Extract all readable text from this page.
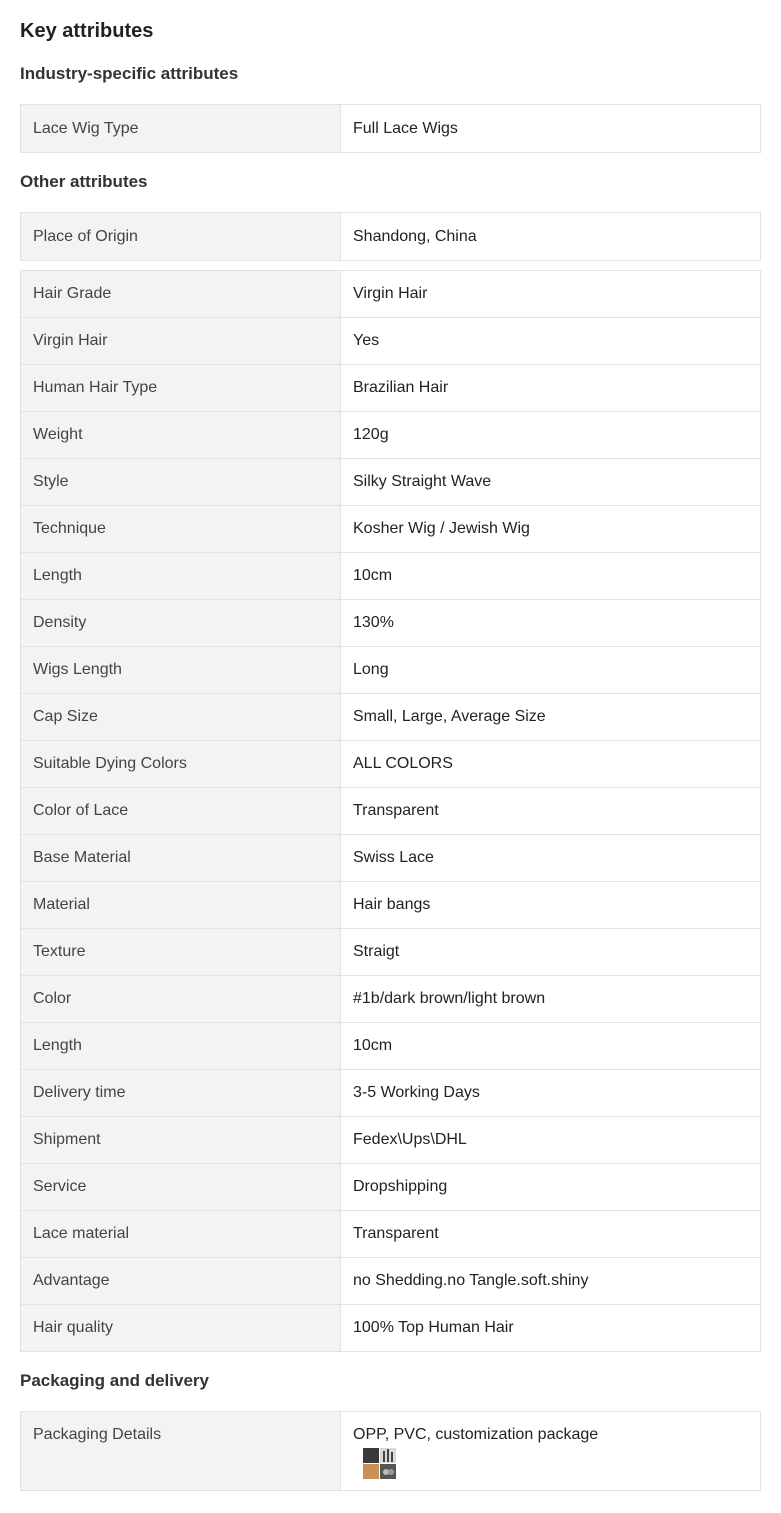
Key attributes
Industry-specific attributes
Lace Wig Type	Full Lace Wigs
Other attributes
Place of Origin	Shandong, China
Hair Grade	Virgin Hair
Virgin Hair	Yes
Human Hair Type	Brazilian Hair
Weight	120g
Style	Silky Straight Wave
Technique	Kosher Wig / Jewish Wig
Length	10cm
Density	130%
Wigs Length	Long
Cap Size	Small, Large, Average Size
Suitable Dying Colors	ALL COLORS
Color of Lace	Transparent
Base Material	Swiss Lace
Material	Hair bangs
Texture	Straigt
Color	#1b/dark brown/light brown
Length	10cm
Delivery time	3-5 Working Days
Shipment	Fedex\Ups\DHL
Service	Dropshipping
Lace material	Transparent
Advantage	no Shedding.no Tangle.soft.shiny
Hair quality	100% Top Human Hair
Packaging and delivery
Packaging Details	OPP, PVC, customization package
